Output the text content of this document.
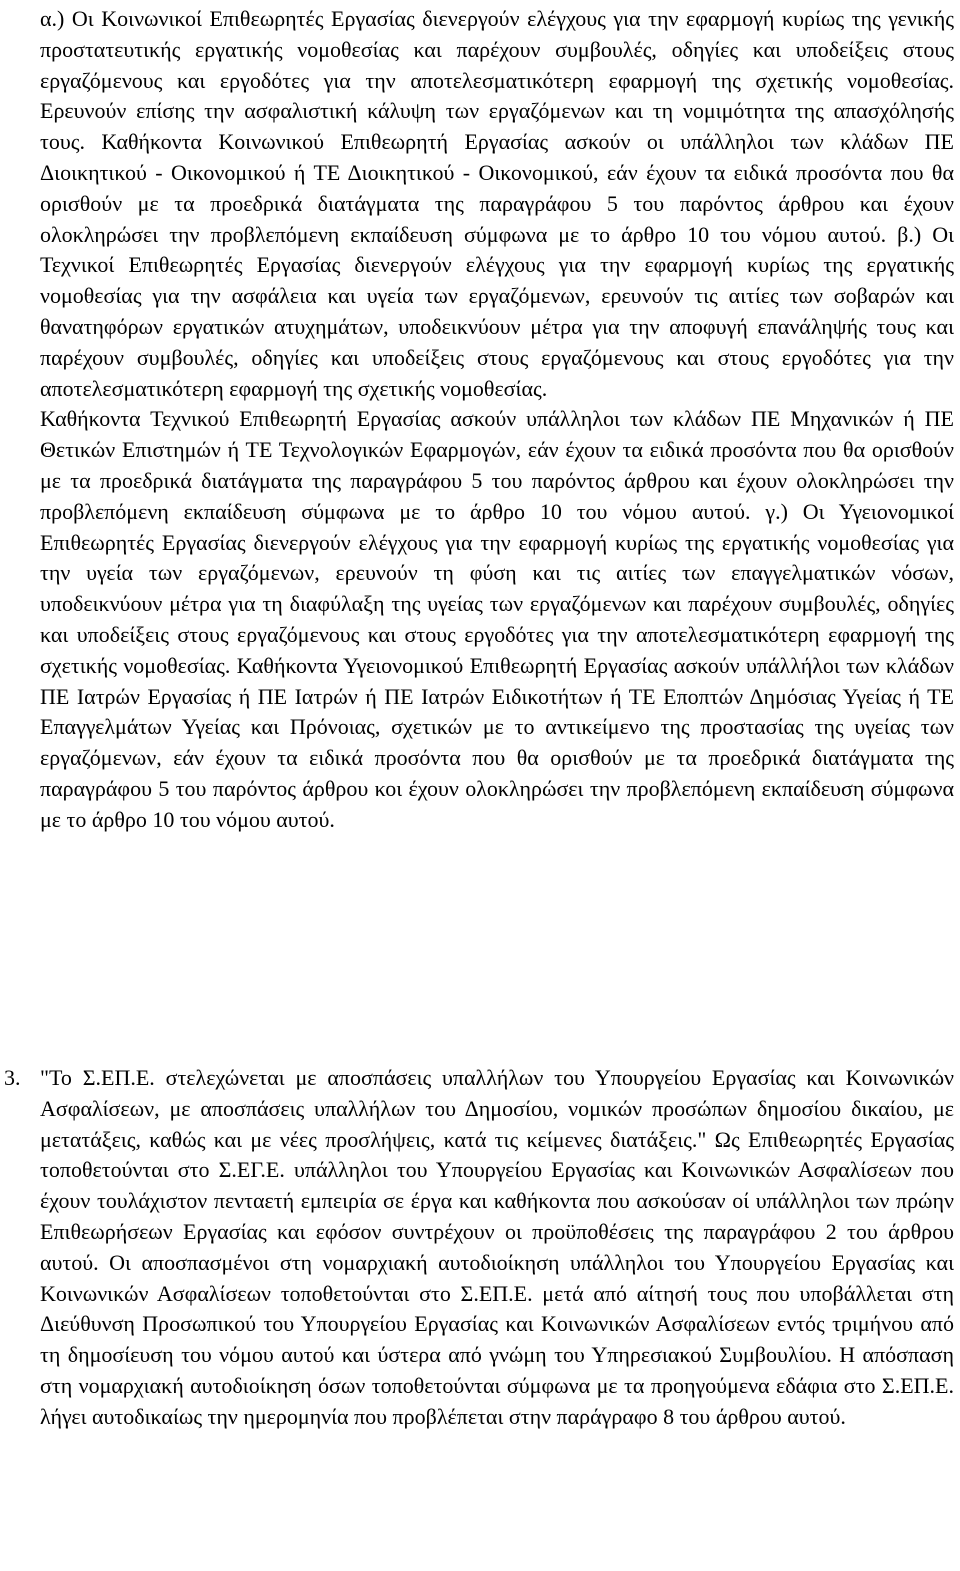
α.) Οι Κοινωνικοί Επιθεωρητές Εργασίας διενεργούν ελέγχους για την εφαρμογή κυρίως της γενικής προστατευτικής εργατικής νομοθεσίας και παρέχουν συμβουλές, οδηγίες και υποδείξεις στους εργαζόμενους και εργοδότες για την αποτελεσματικότερη εφαρμογή της σχετικής νομοθεσίας. Ερευνούν επίσης την ασφαλιστική κάλυψη των εργαζόμενων και τη νομιμότητα της απασχόλησής τους. Καθήκοντα Κοινωνικού Επιθεωρητή Εργασίας ασκούν οι υπάλληλοι των κλάδων ΠΕ Διοικητικού - Οικονομικού ή ΤΕ Διοικητικού - Οικονομικού, εάν έχουν τα ειδικά προσόντα που θα ορισθούν με τα προεδρικά διατάγματα της παραγράφου 5 του παρόντος άρθρου και έχουν ολοκληρώσει την προβλεπόμενη εκπαίδευση σύμφωνα με το άρθρο 10 του νόμου αυτού. β.) Οι Τεχνικοί Επιθεωρητές Εργασίας διενεργούν ελέγχους για την εφαρμογή κυρίως της εργατικής νομοθεσίας για την ασφάλεια και υγεία των εργαζόμενων, ερευνούν τις αιτίες των σοβαρών και θανατηφόρων εργατικών ατυχημάτων, υποδεικνύουν μέτρα για την αποφυγή επανάληψής τους και παρέχουν συμβουλές, οδηγίες και υποδείξεις στους εργαζόμενους και στους εργοδότες για την αποτελεσματικότερη εφαρμογή της σχετικής νομοθεσίας.
Καθήκοντα Τεχνικού Επιθεωρητή Εργασίας ασκούν υπάλληλοι των κλάδων ΠΕ Μηχανικών ή ΠΕ Θετικών Επιστημών ή ΤΕ Τεχνολογικών Εφαρμογών, εάν έχουν τα ειδικά προσόντα που θα ορισθούν με τα προεδρικά διατάγματα της παραγράφου 5 του παρόντος άρθρου και έχουν ολοκληρώσει την προβλεπόμενη εκπαίδευση σύμφωνα με το άρθρο 10 του νόμου αυτού. γ.) Οι Υγειονομικοί Επιθεωρητές Εργασίας διενεργούν ελέγχους για την εφαρμογή κυρίως της εργατικής νομοθεσίας για την υγεία των εργαζόμενων, ερευνούν τη φύση και τις αιτίες των επαγγελματικών νόσων, υποδεικνύουν μέτρα για τη διαφύλαξη της υγείας των εργαζόμενων και παρέχουν συμβουλές, οδηγίες και υποδείξεις στους εργαζόμενους και στους εργοδότες για την αποτελεσματικότερη εφαρμογή της σχετικής νομοθεσίας. Καθήκοντα Υγειονομικού Επιθεωρητή Εργασίας ασκούν υπάλλήλοι των κλάδων ΠΕ Ιατρών Εργασίας ή ΠΕ Ιατρών ή ΠΕ Ιατρών Ειδικοτήτων ή ΤΕ Εποπτών Δημόσιας Υγείας ή ΤΕ Επαγγελμάτων Υγείας και Πρόνοιας, σχετικών με το αντικείμενο της προστασίας της υγείας των εργαζόμενων, εάν έχουν τα ειδικά προσόντα που θα ορισθούν με τα προεδρικά διατάγματα της παραγράφου 5 του παρόντος άρθρου κοι έχουν ολοκληρώσει την προβλεπόμενη εκπαίδευση σύμφωνα με το άρθρο 10 του νόμου αυτού.

3. "Το Σ.ΕΠ.Ε. στελεχώνεται με αποσπάσεις υπαλλήλων του Υπουργείου Εργασίας και Κοινωνικών Ασφαλίσεων, με αποσπάσεις υπαλλήλων του Δημοσίου, νομικών προσώπων δημοσίου δικαίου, με μετατάξεις, καθώς και με νέες προσλήψεις, κατά τις κείμενες διατάξεις." Ως Επιθεωρητές Εργασίας τοποθετούνται στο Σ.ΕΓ.Ε. υπάλληλοι του Υπουργείου Εργασίας και Κοινωνικών Ασφαλίσεων που έχουν τουλάχιστον πενταετή εμπειρία σε έργα και καθήκοντα που ασκούσαν οί υπάλληλοι των πρώην Επιθεωρήσεων Εργασίας και εφόσον συντρέχουν οι προϋποθέσεις της παραγράφου 2 του άρθρου αυτού. Οι αποσπασμένοι στη νομαρχιακή αυτοδιοίκηση υπάλληλοι του Υπουργείου Εργασίας και Κοινωνικών Ασφαλίσεων τοποθετούνται στο Σ.ΕΠ.Ε. μετά από αίτησή τους που υποβάλλεται στη Διεύθυνση Προσωπικού του Υπουργείου Εργασίας και Κοινωνικών Ασφαλίσεων εντός τριμήνου από τη δημοσίευση του νόμου αυτού και ύστερα από γνώμη του Υπηρεσιακού Συμβουλίου. Η απόσπαση στη νομαρχιακή αυτοδιοίκηση όσων τοποθετούνται σύμφωνα με τα προηγούμενα εδάφια στο Σ.ΕΠ.Ε. λήγει αυτοδικαίως την ημερομηνία που προβλέπεται στην παράγραφο 8 του άρθρου αυτού.
